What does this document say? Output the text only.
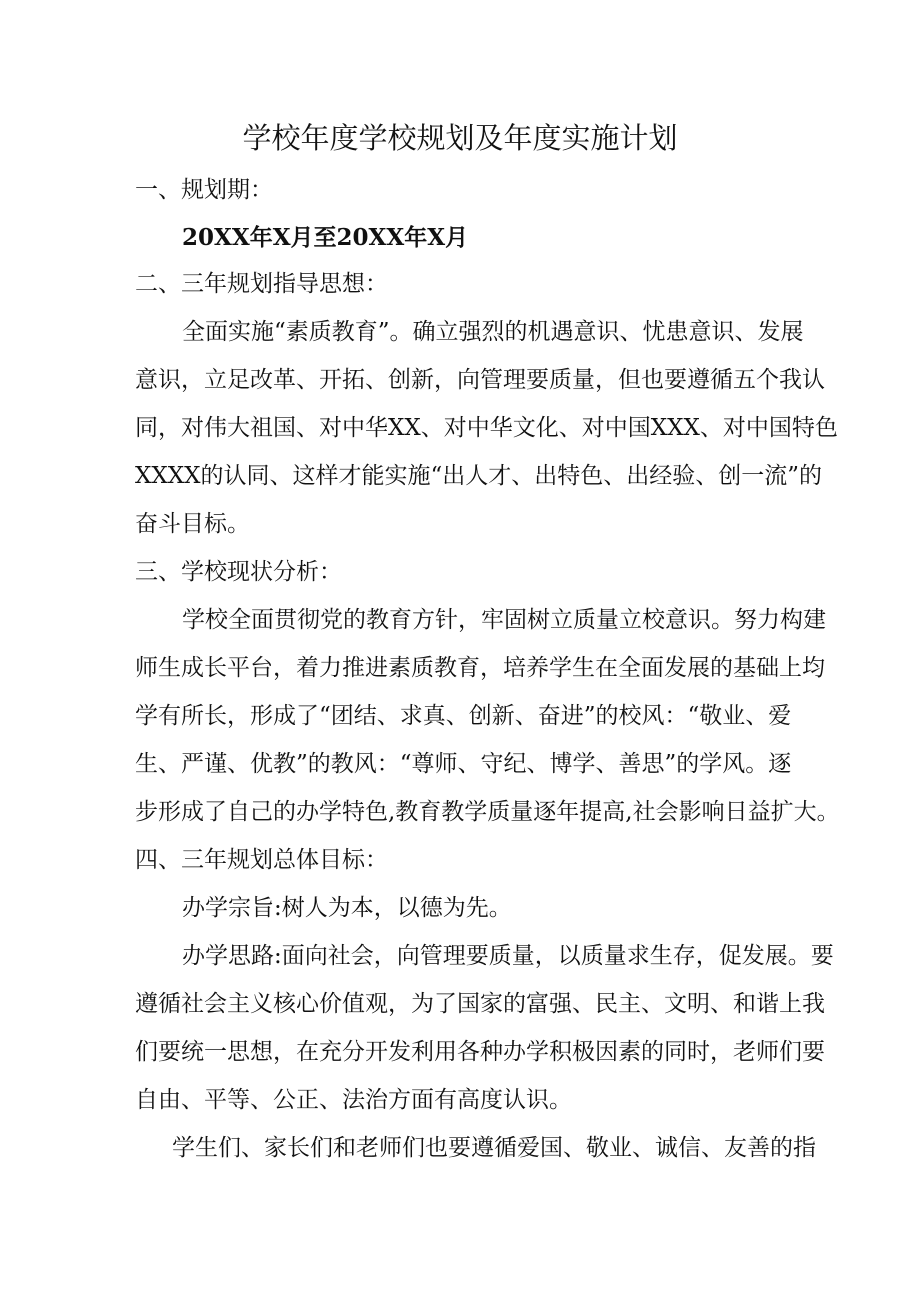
学校年度学校规划及年度实施计划

一、规划期：

20XX年X月至20XX年X月

二、三年规划指导思想：

全面实施“素质教育”。确立强烈的机遇意识、忧患意识、发展

意识，立足改革、开拓、创新，向管理要质量，但也要遵循五个我认

同，对伟大祖国、对中华XX、对中华文化、对中国XXX、对中国特色

XXXX的认同、这样才能实施“出人才、出特色、出经验、创一流”的

奋斗目标。

三、学校现状分析：

学校全面贯彻党的教育方针，牢固树立质量立校意识。努力构建

师生成长平台，着力推进素质教育，培养学生在全面发展的基础上均

学有所长，形成了“团结、求真、创新、奋进”的校风：“敬业、爱

生、严谨、优教”的教风：“尊师、守纪、博学、善思”的学风。逐

步形成了自己的办学特色,教育教学质量逐年提高,社会影响日益扩大。

四、三年规划总体目标：

办学宗旨:树人为本，以德为先。

办学思路:面向社会，向管理要质量，以质量求生存，促发展。要

遵循社会主义核心价值观，为了国家的富强、民主、文明、和谐上我

们要统一思想，在充分开发利用各种办学积极因素的同时，老师们要

自由、平等、公正、法治方面有高度认识。

学生们、家长们和老师们也要遵循爱国、敬业、诚信、友善的指
